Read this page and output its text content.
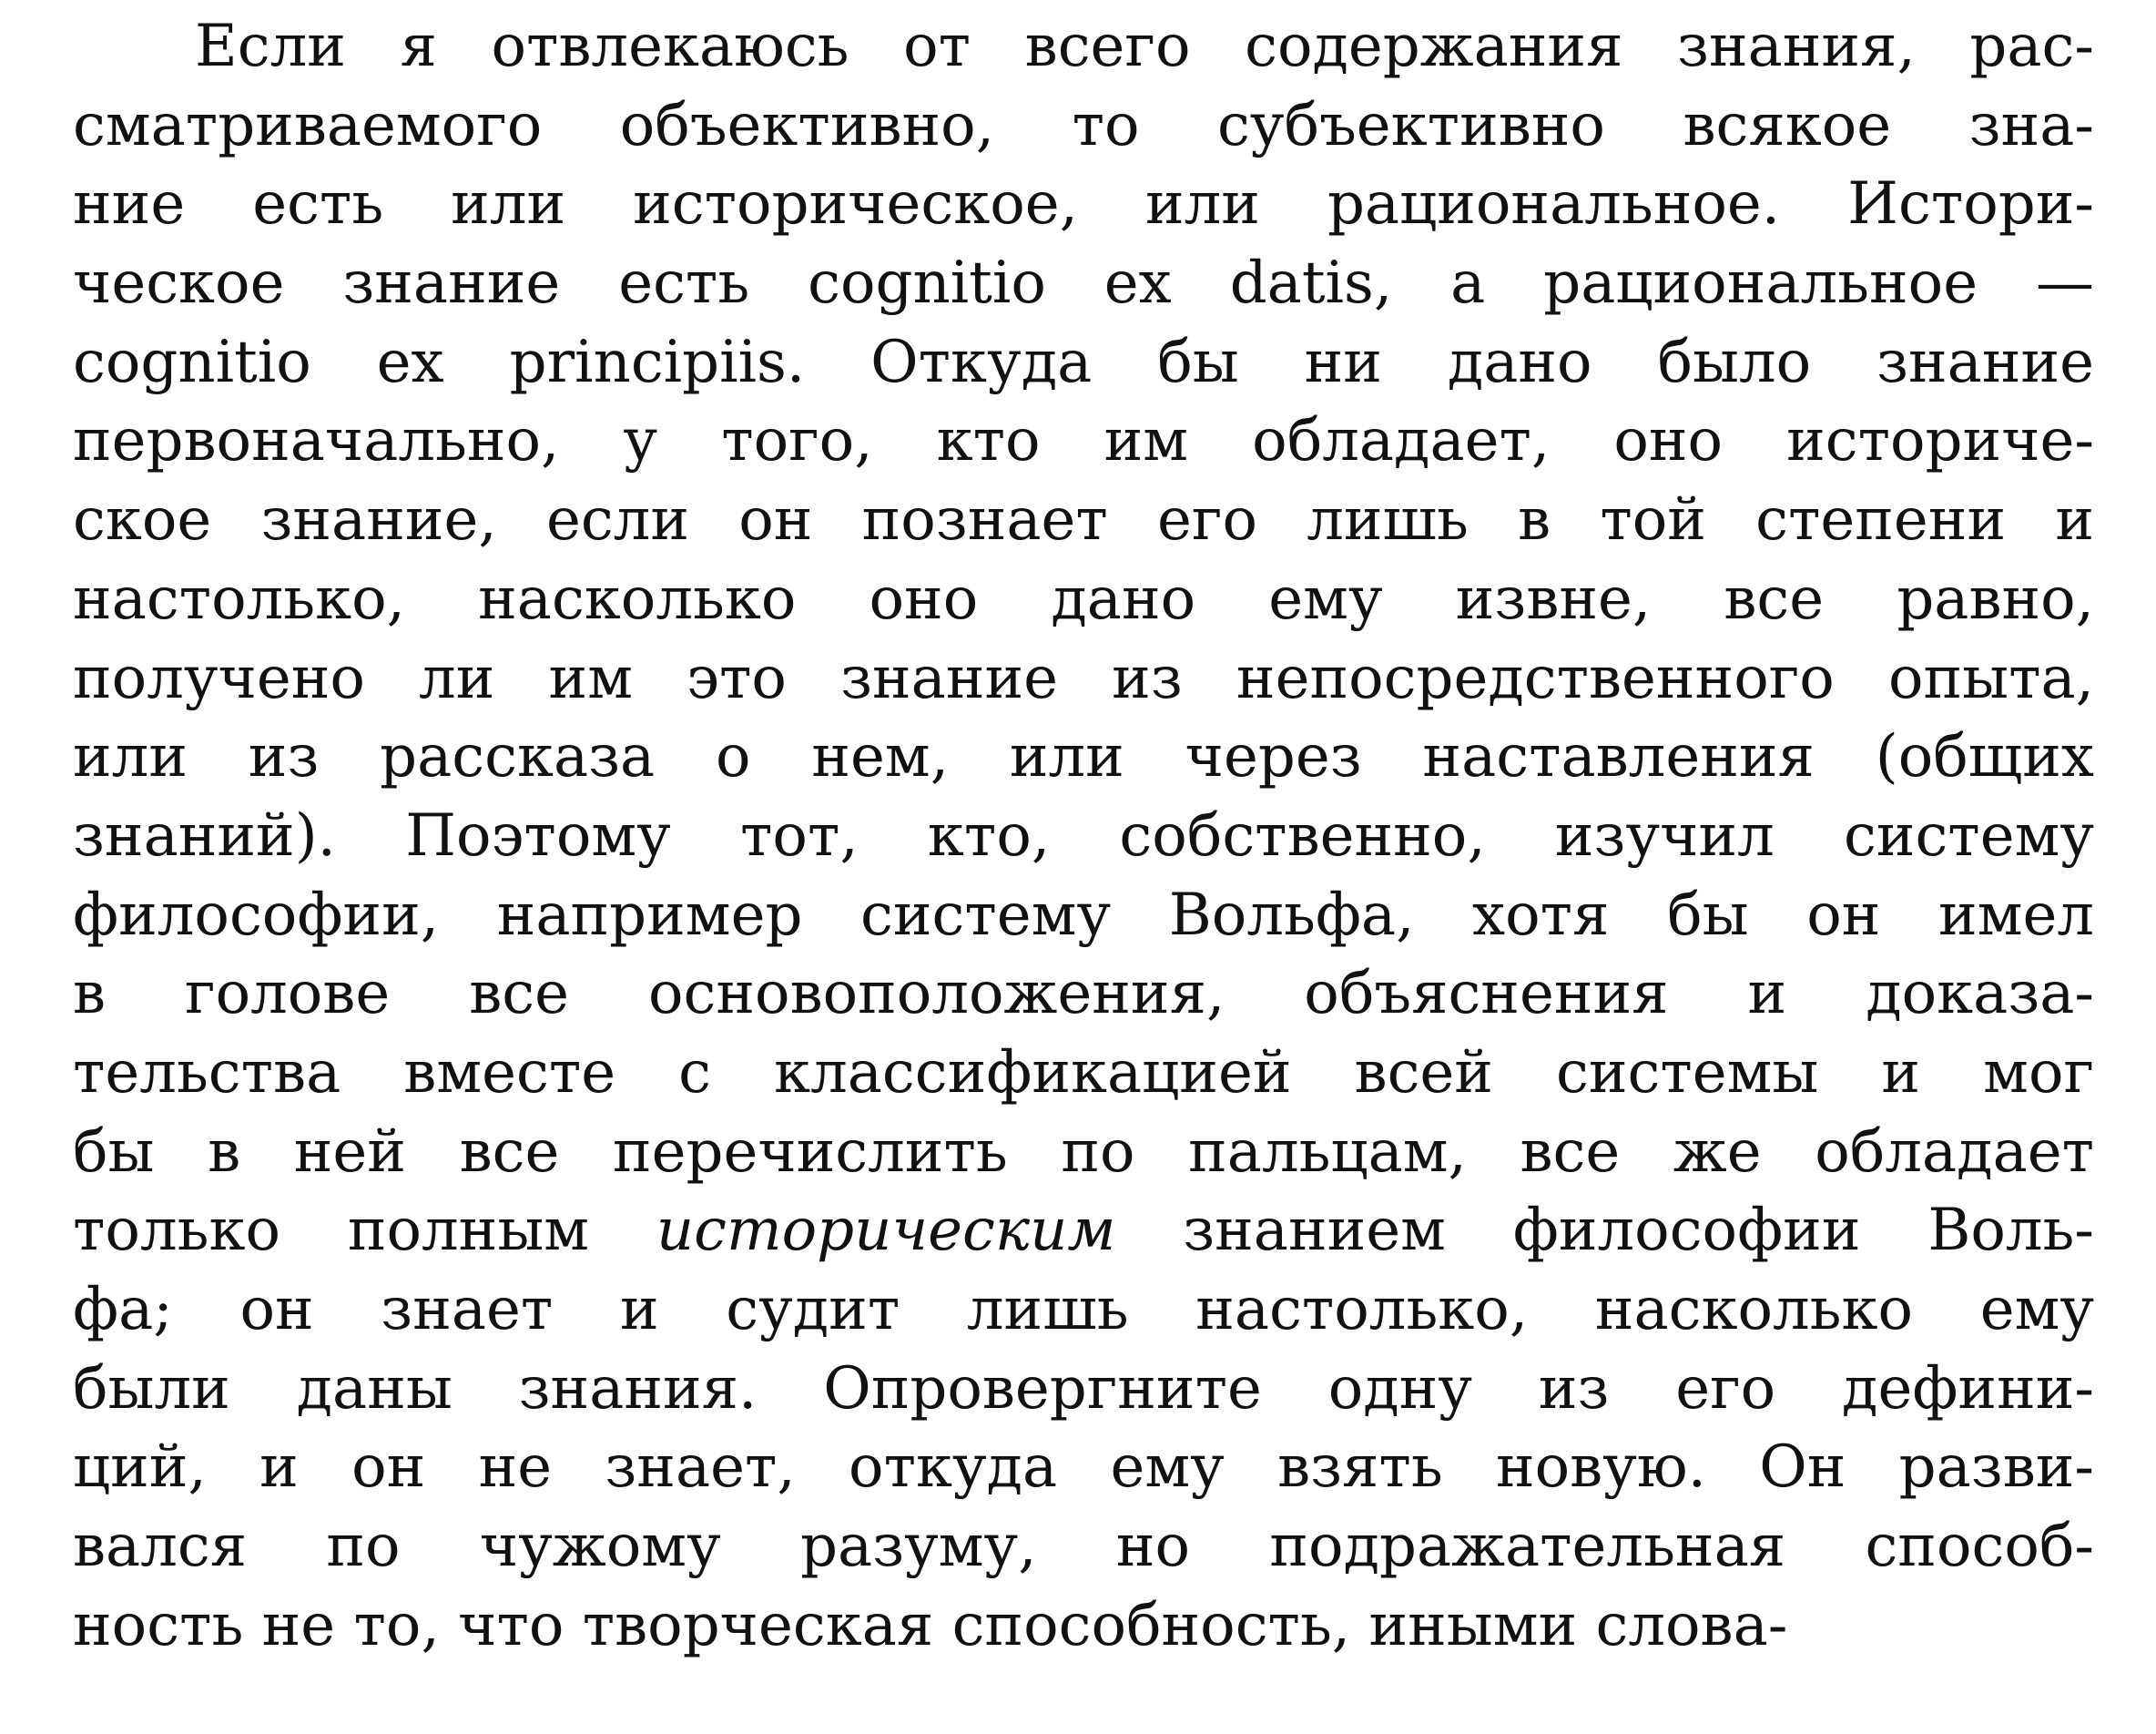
Если я отвлекаюсь от всего содержания знания, рас-
сматриваемого объективно, то субъективно всякое зна-
ние есть или историческое, или рациональное. Истори-
ческое знание есть cognitio ex datis, а рациональное —
cognitio ex principiis. Откуда бы ни дано было знание
первоначально, у того, кто им обладает, оно историче-
ское знание, если он познает его лишь в той степени и
настолько, насколько оно дано ему извне, все равно,
получено ли им это знание из непосредственного опыта,
или из рассказа о нем, или через наставления (общих
знаний). Поэтому тот, кто, собственно, изучил систему
философии, например систему Вольфа, хотя бы он имел
в голове все основоположения, объяснения и доказа-
тельства вместе с классификацией всей системы и мог
бы в ней все перечислить по пальцам, все же обладает
только полным историческим знанием философии Воль-
фа; он знает и судит лишь настолько, насколько ему
были даны знания. Опровергните одну из его дефини-
ций, и он не знает, откуда ему взять новую. Он разви-
вался по чужому разуму, но подражательная способ-
ность не то, что творческая способность, иными слова-
